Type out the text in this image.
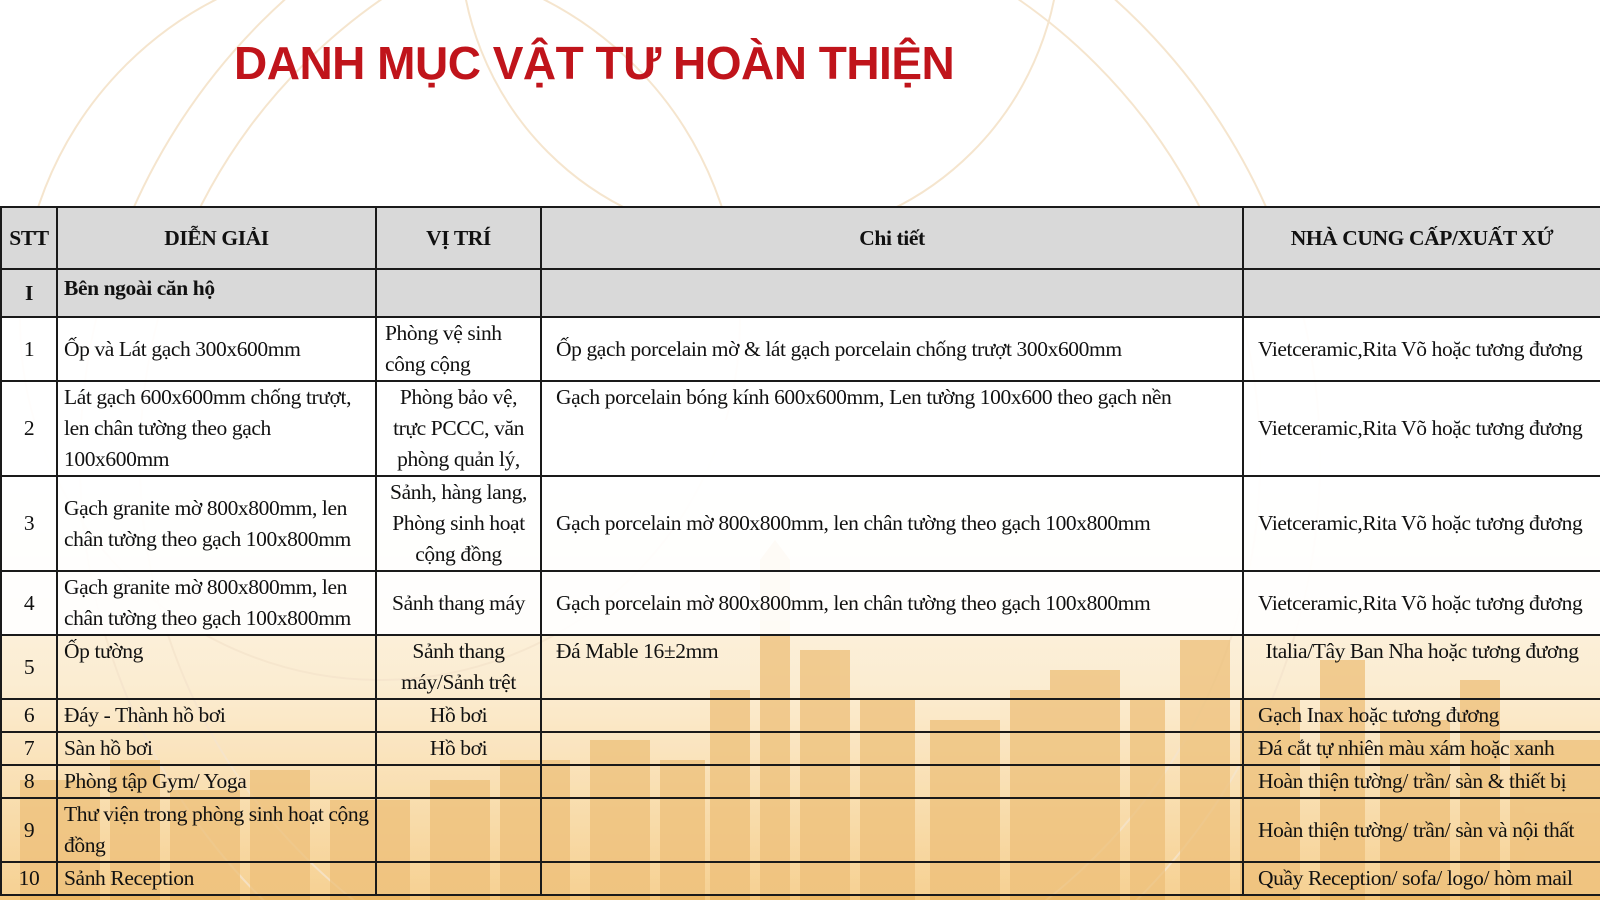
DANH MỤC VẬT TƯ HOÀN THIỆN
STT	DIỄN GIẢI	VỊ TRÍ	Chi tiết	NHÀ CUNG CẤP/XUẤT XỨ
I	Bên ngoài căn hộ			
1	Ốp và Lát gạch 300x600mm	Phòng vệ sinh công cộng	Ốp gạch porcelain mờ & lát gạch porcelain chống trượt 300x600mm	Vietceramic,Rita Võ hoặc tương đương
2	Lát gạch 600x600mm chống trượt, len chân tường theo gạch 100x600mm	Phòng bảo vệ, trực PCCC, văn phòng quản lý,	Gạch porcelain bóng kính 600x600mm, Len tường 100x600 theo gạch nền	Vietceramic,Rita Võ hoặc tương đương
3	Gạch granite mờ 800x800mm, len chân tường theo gạch 100x800mm	Sảnh, hàng lang, Phòng sinh hoạt cộng đồng	Gạch porcelain mờ 800x800mm, len chân tường theo gạch 100x800mm	Vietceramic,Rita Võ hoặc tương đương
4	Gạch granite mờ 800x800mm, len chân tường theo gạch 100x800mm	Sảnh thang máy	Gạch porcelain mờ 800x800mm, len chân tường theo gạch 100x800mm	Vietceramic,Rita Võ hoặc tương đương
5	Ốp tường	Sảnh thang máy/Sảnh trệt	Đá Mable 16±2mm	Italia/Tây Ban Nha hoặc tương đương
6	Đáy - Thành hồ bơi	Hồ bơi		Gạch Inax hoặc tương đương
7	Sàn hồ bơi	Hồ bơi		Đá cắt tự nhiên màu xám hoặc xanh
8	Phòng tập Gym/ Yoga			Hoàn thiện tường/ trần/ sàn & thiết bị
9	Thư viện trong phòng sinh hoạt cộng đồng			Hoàn thiện tường/ trần/ sàn và nội thất
10	Sảnh Reception			Quầy Reception/ sofa/ logo/ hòm mail
